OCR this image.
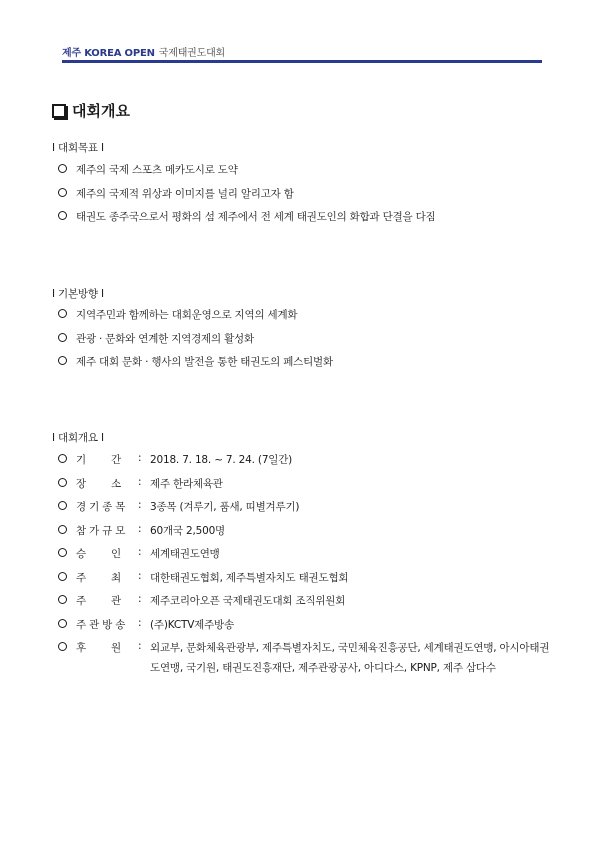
제주 KOREA OPEN 국제태권도대회
대회개요
I 대회목표 I
제주의 국제 스포츠 메카도시로 도약
제주의 국제적 위상과 이미지를 널리 알리고자 함
태권도 종주국으로서 평화의 섬 제주에서 전 세계 태권도인의 화합과 단결을 다짐
I 기본방향 I
지역주민과 함께하는 대회운영으로 지역의 세계화
관광 · 문화와 연계한 지역경제의 활성화
제주 대회 문화 · 행사의 발전을 통한 태권도의 페스티벌화
I 대회개요 I
기        간	: 2018. 7. 18. ~ 7. 24. (7일간)
장        소	: 제주 한라체육관
경 기 종 목	: 3종목 (겨루기, 품새, 띠별겨루기)
참 가 규 모	: 60개국 2,500명
승        인	: 세계태권도연맹
주        최	: 대한태권도협회, 제주특별자치도 태권도협회
주        관	: 제주코리아오픈 국제태권도대회 조직위원회
주 관 방 송	: (주)KCTV제주방송
후        원	: 외교부, 문화체육관광부, 제주특별자치도, 국민체육진흥공단, 세계태권도연맹, 아시아태권도연맹, 국기원, 태권도진흥재단, 제주관광공사, 아디다스, KPNP, 제주 삼다수
